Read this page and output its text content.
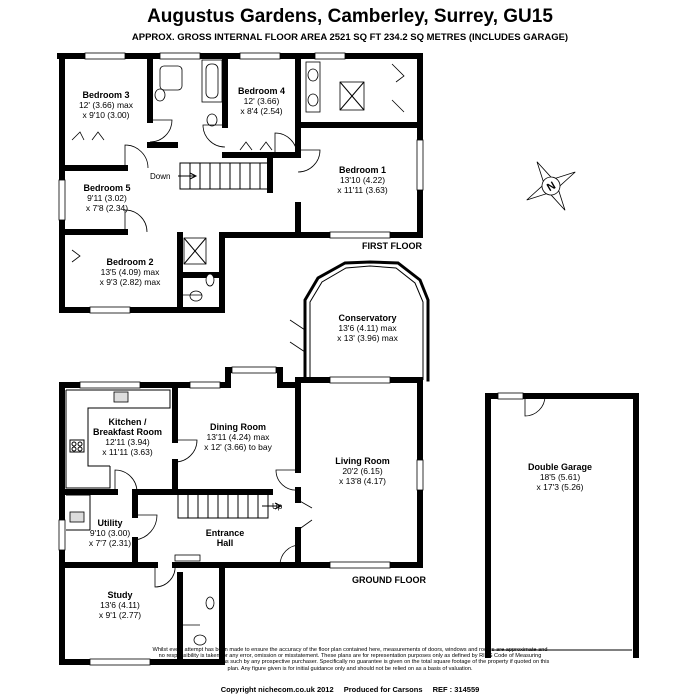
Augustus Gardens, Camberley, Surrey, GU15
APPROX. GROSS INTERNAL FLOOR AREA 2521 SQ FT 234.2 SQ METRES (INCLUDES GARAGE)
N
Bedroom 3
12' (3.66) max
x 9'10 (3.00)
Bedroom 4
12' (3.66)
x 8'4 (2.54)
Bedroom 1
13'10 (4.22)
x 11'11 (3.63)
Bedroom 5
9'11 (3.02)
x 7'8 (2.34)
Bedroom 2
13'5 (4.09) max
x 9'3 (2.82) max
Down
FIRST FLOOR
Conservatory
13'6 (4.11) max
x 13' (3.96) max
Kitchen /
Breakfast Room
12'11 (3.94)
x 11'11 (3.63)
Dining Room
13'11 (4.24) max
x 12' (3.66) to bay
Living Room
20'2 (6.15)
x 13'8 (4.17)
Utility
9'10 (3.00)
x 7'7 (2.31)
Entrance
Hall
Up
Study
13'6 (4.11)
x 9'1 (2.77)
GROUND FLOOR
Double Garage
18'5 (5.61)
x 17'3 (5.26)
Whilst every attempt has been made to ensure the accuracy of the floor plan contained here, measurements of doors, windows and rooms are approximate and no responsibility is taken for any error, omission or misstatement. These plans are for representation purposes only as defined by RICS Code of Measuring Practice and should be used as such by any prospective purchaser. Specifically no guarantee is given on the total square footage of the property if quoted on this plan. Any figure given is for initial guidance only and should not be relied on as a basis of valuation.
Copyright nichecom.co.uk 2012 Produced for Carsons REF : 314559
